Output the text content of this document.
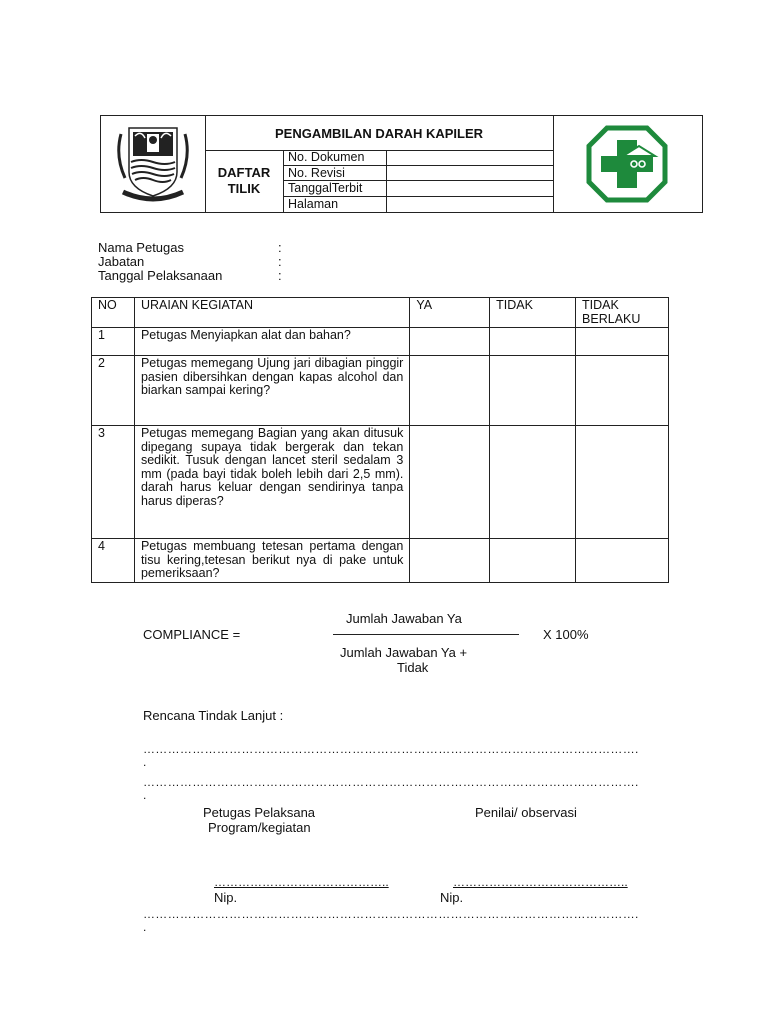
PENGAMBILAN DARAH KAPILER
DAFTAR
TILIK
No. Dokumen
No. Revisi
TanggalTerbit
Halaman
Nama Petugas	:
Jabatan	:
Tanggal Pelaksanaan	:
NO	URAIAN KEGIATAN	YA	TIDAK	TIDAK
BERLAKU
1	Petugas Menyiapkan alat dan bahan?			
2	Petugas memegang Ujung jari dibagian pinggir pasien dibersihkan dengan kapas alcohol dan biarkan sampai kering?			
3	Petugas memegang Bagian yang akan ditusuk dipegang supaya tidak bergerak dan tekan sedikit. Tusuk dengan lancet steril sedalam 3 mm (pada bayi tidak boleh lebih dari 2,5 mm). darah harus keluar dengan sendirinya tanpa harus diperas?			
4	Petugas membuang tetesan pertama dengan tisu kering,tetesan berikut nya di pake untuk pemeriksaan?			
Jumlah Jawaban Ya
COMPLIANCE =	X 100%
Jumlah Jawaban Ya +
Tidak
Rencana Tindak Lanjut :
………………………………………………………………………………………………………….
.
………………………………………………………………………………………………………….
.
Petugas Pelaksana
Program/kegiatan
Penilai/ observasi
……………………………………..	……………………………………..
Nip.	Nip.
………………………………………………………………………………………………………….
.
